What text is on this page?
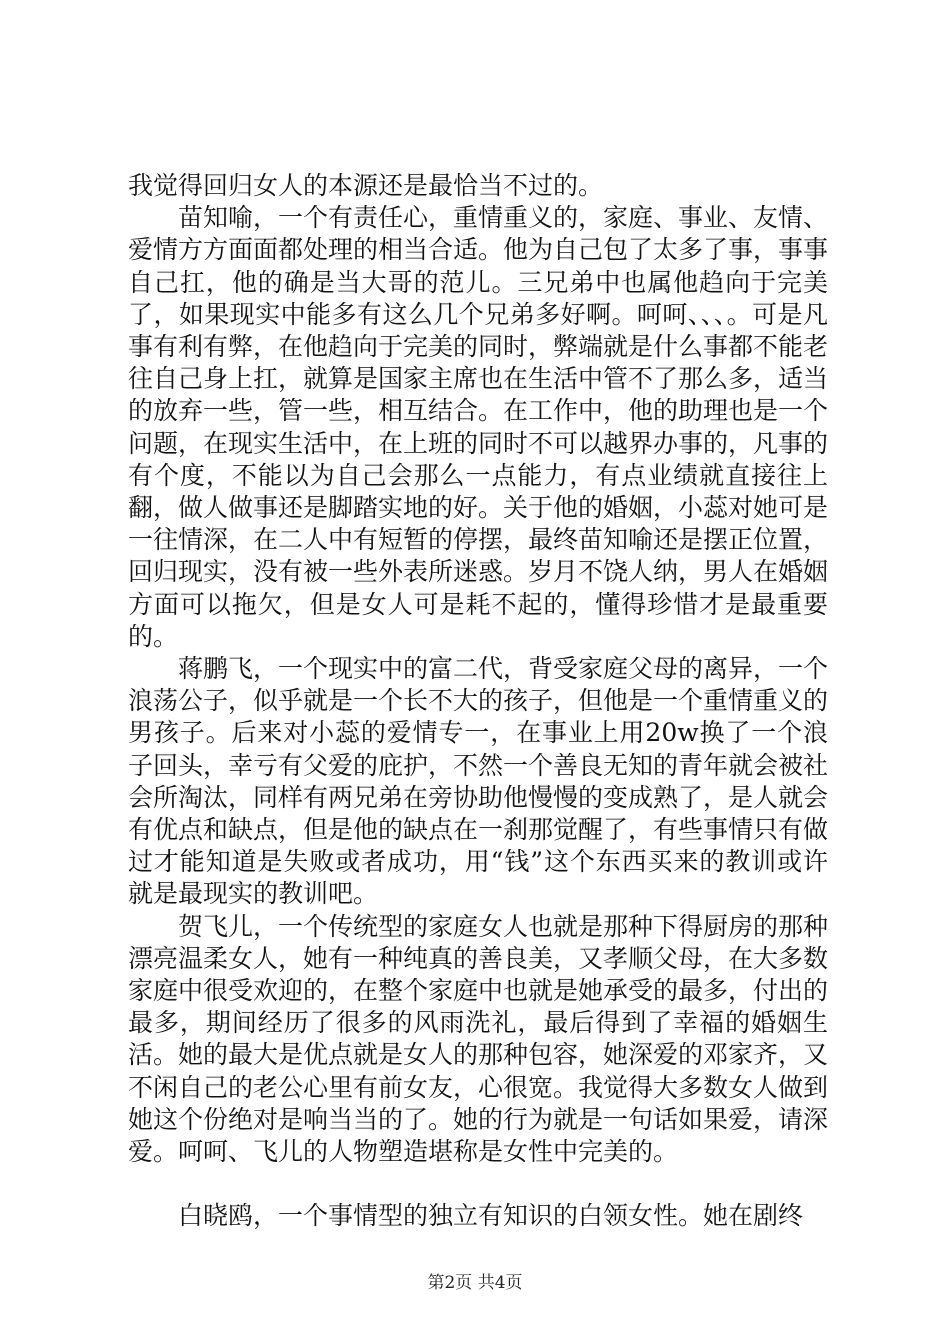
我觉得回归女人的本源还是最恰当不过的。

苗知喻，一个有责任心，重情重义的，家庭、事业、友情、爱情方方面面都处理的相当合适。他为自己包了太多了事，事事自己扛，他的确是当大哥的范儿。三兄弟中也属他趋向于完美了，如果现实中能多有这么几个兄弟多好啊。呵呵、、、。可是凡事有利有弊，在他趋向于完美的同时，弊端就是什么事都不能老往自己身上扛，就算是国家主席也在生活中管不了那么多，适当的放弃一些，管一些，相互结合。在工作中，他的助理也是一个问题，在现实生活中，在上班的同时不可以越界办事的，凡事的有个度，不能以为自己会那么一点能力，有点业绩就直接往上翻，做人做事还是脚踏实地的好。关于他的婚姻，小蕊对她可是一往情深，在二人中有短暂的停摆，最终苗知喻还是摆正位置，回归现实，没有被一些外表所迷惑。岁月不饶人纳，男人在婚姻方面可以拖欠，但是女人可是耗不起的，懂得珍惜才是最重要的。

蒋鹏飞，一个现实中的富二代，背受家庭父母的离异，一个浪荡公子，似乎就是一个长不大的孩子，但他是一个重情重义的男孩子。后来对小蕊的爱情专一，在事业上用20w换了一个浪子回头，幸亏有父爱的庇护，不然一个善良无知的青年就会被社会所淘汰，同样有两兄弟在旁协助他慢慢的变成熟了，是人就会有优点和缺点，但是他的缺点在一刹那觉醒了，有些事情只有做过才能知道是失败或者成功，用“钱”这个东西买来的教训或许就是最现实的教训吧。

贺飞儿，一个传统型的家庭女人也就是那种下得厨房的那种漂亮温柔女人，她有一种纯真的善良美，又孝顺父母，在大多数家庭中很受欢迎的，在整个家庭中也就是她承受的最多，付出的最多，期间经历了很多的风雨洗礼，最后得到了幸福的婚姻生活。她的最大是优点就是女人的那种包容，她深爱的邓家齐，又不闲自己的老公心里有前女友，心很宽。我觉得大多数女人做到她这个份绝对是响当当的了。她的行为就是一句话如果爱，请深爱。呵呵、飞儿的人物塑造堪称是女性中完美的。

白晓鸥，一个事情型的独立有知识的白领女性。她在剧终

第2页 共4页
